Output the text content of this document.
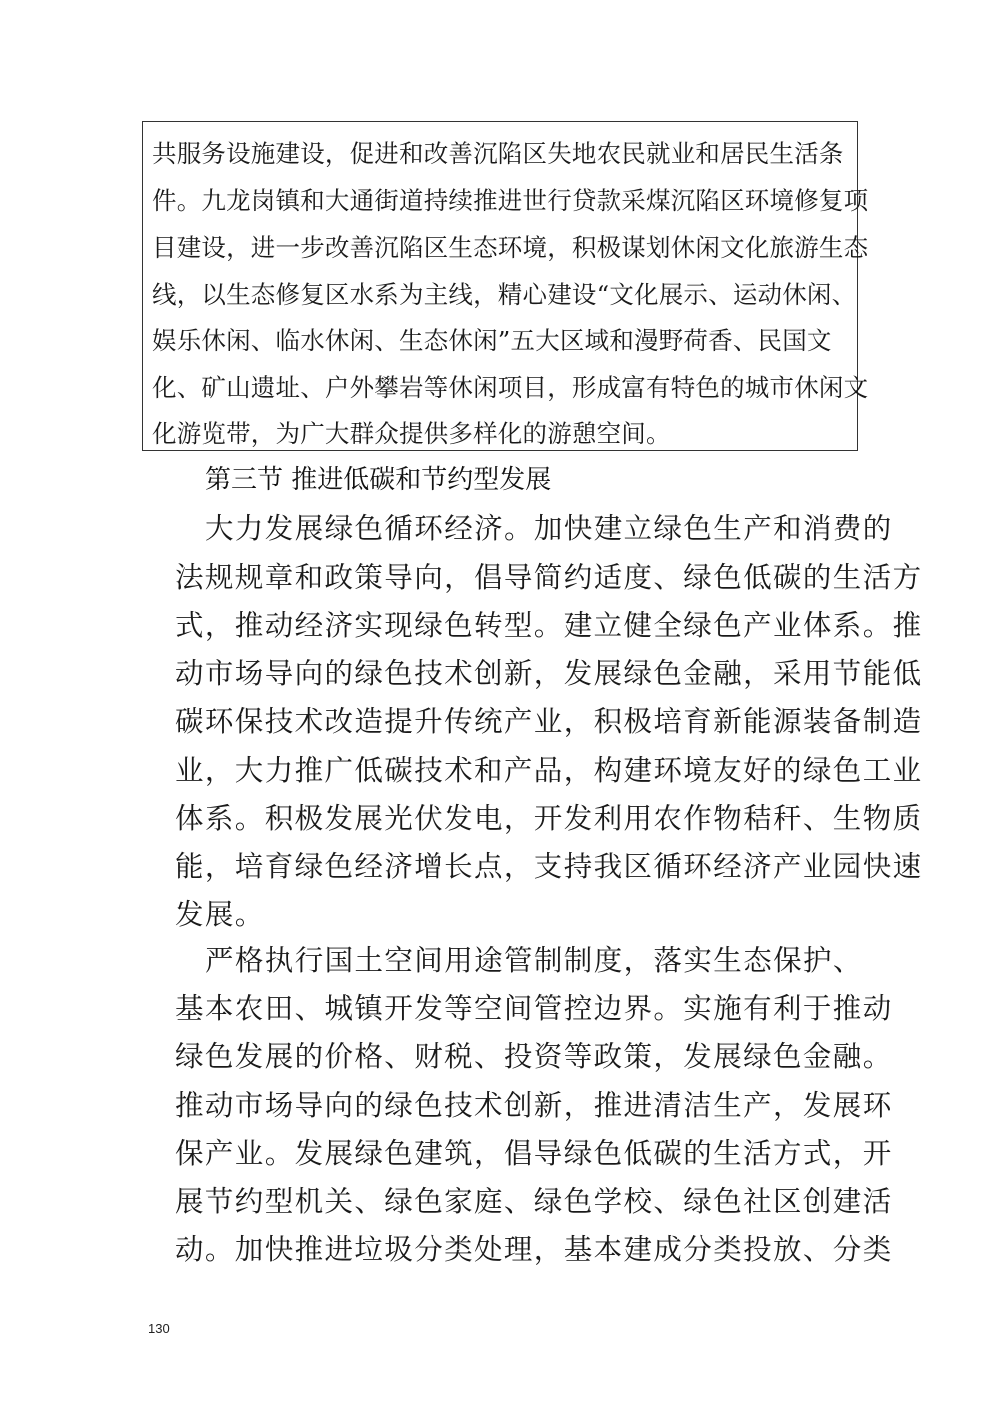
共服务设施建设，促进和改善沉陷区失地农民就业和居民生活条
件。九龙岗镇和大通街道持续推进世行贷款采煤沉陷区环境修复项
目建设，进一步改善沉陷区生态环境，积极谋划休闲文化旅游生态
线，以生态修复区水系为主线，精心建设“文化展示、运动休闲、
娱乐休闲、临水休闲、生态休闲”五大区域和漫野荷香、民国文
化、矿山遗址、户外攀岩等休闲项目，形成富有特色的城市休闲文
化游览带，为广大群众提供多样化的游憩空间。
第三节 推进低碳和节约型发展
大力发展绿色循环经济。加快建立绿色生产和消费的
法规规章和政策导向，倡导简约适度、绿色低碳的生活方
式，推动经济实现绿色转型。建立健全绿色产业体系。推
动市场导向的绿色技术创新，发展绿色金融，采用节能低
碳环保技术改造提升传统产业，积极培育新能源装备制造
业，大力推广低碳技术和产品，构建环境友好的绿色工业
体系。积极发展光伏发电，开发利用农作物秸秆、生物质
能，培育绿色经济增长点，支持我区循环经济产业园快速
发展。
严格执行国土空间用途管制制度，落实生态保护、
基本农田、城镇开发等空间管控边界。实施有利于推动
绿色发展的价格、财税、投资等政策，发展绿色金融。
推动市场导向的绿色技术创新，推进清洁生产，发展环
保产业。发展绿色建筑，倡导绿色低碳的生活方式，开
展节约型机关、绿色家庭、绿色学校、绿色社区创建活
动。加快推进垃圾分类处理，基本建成分类投放、分类
130
